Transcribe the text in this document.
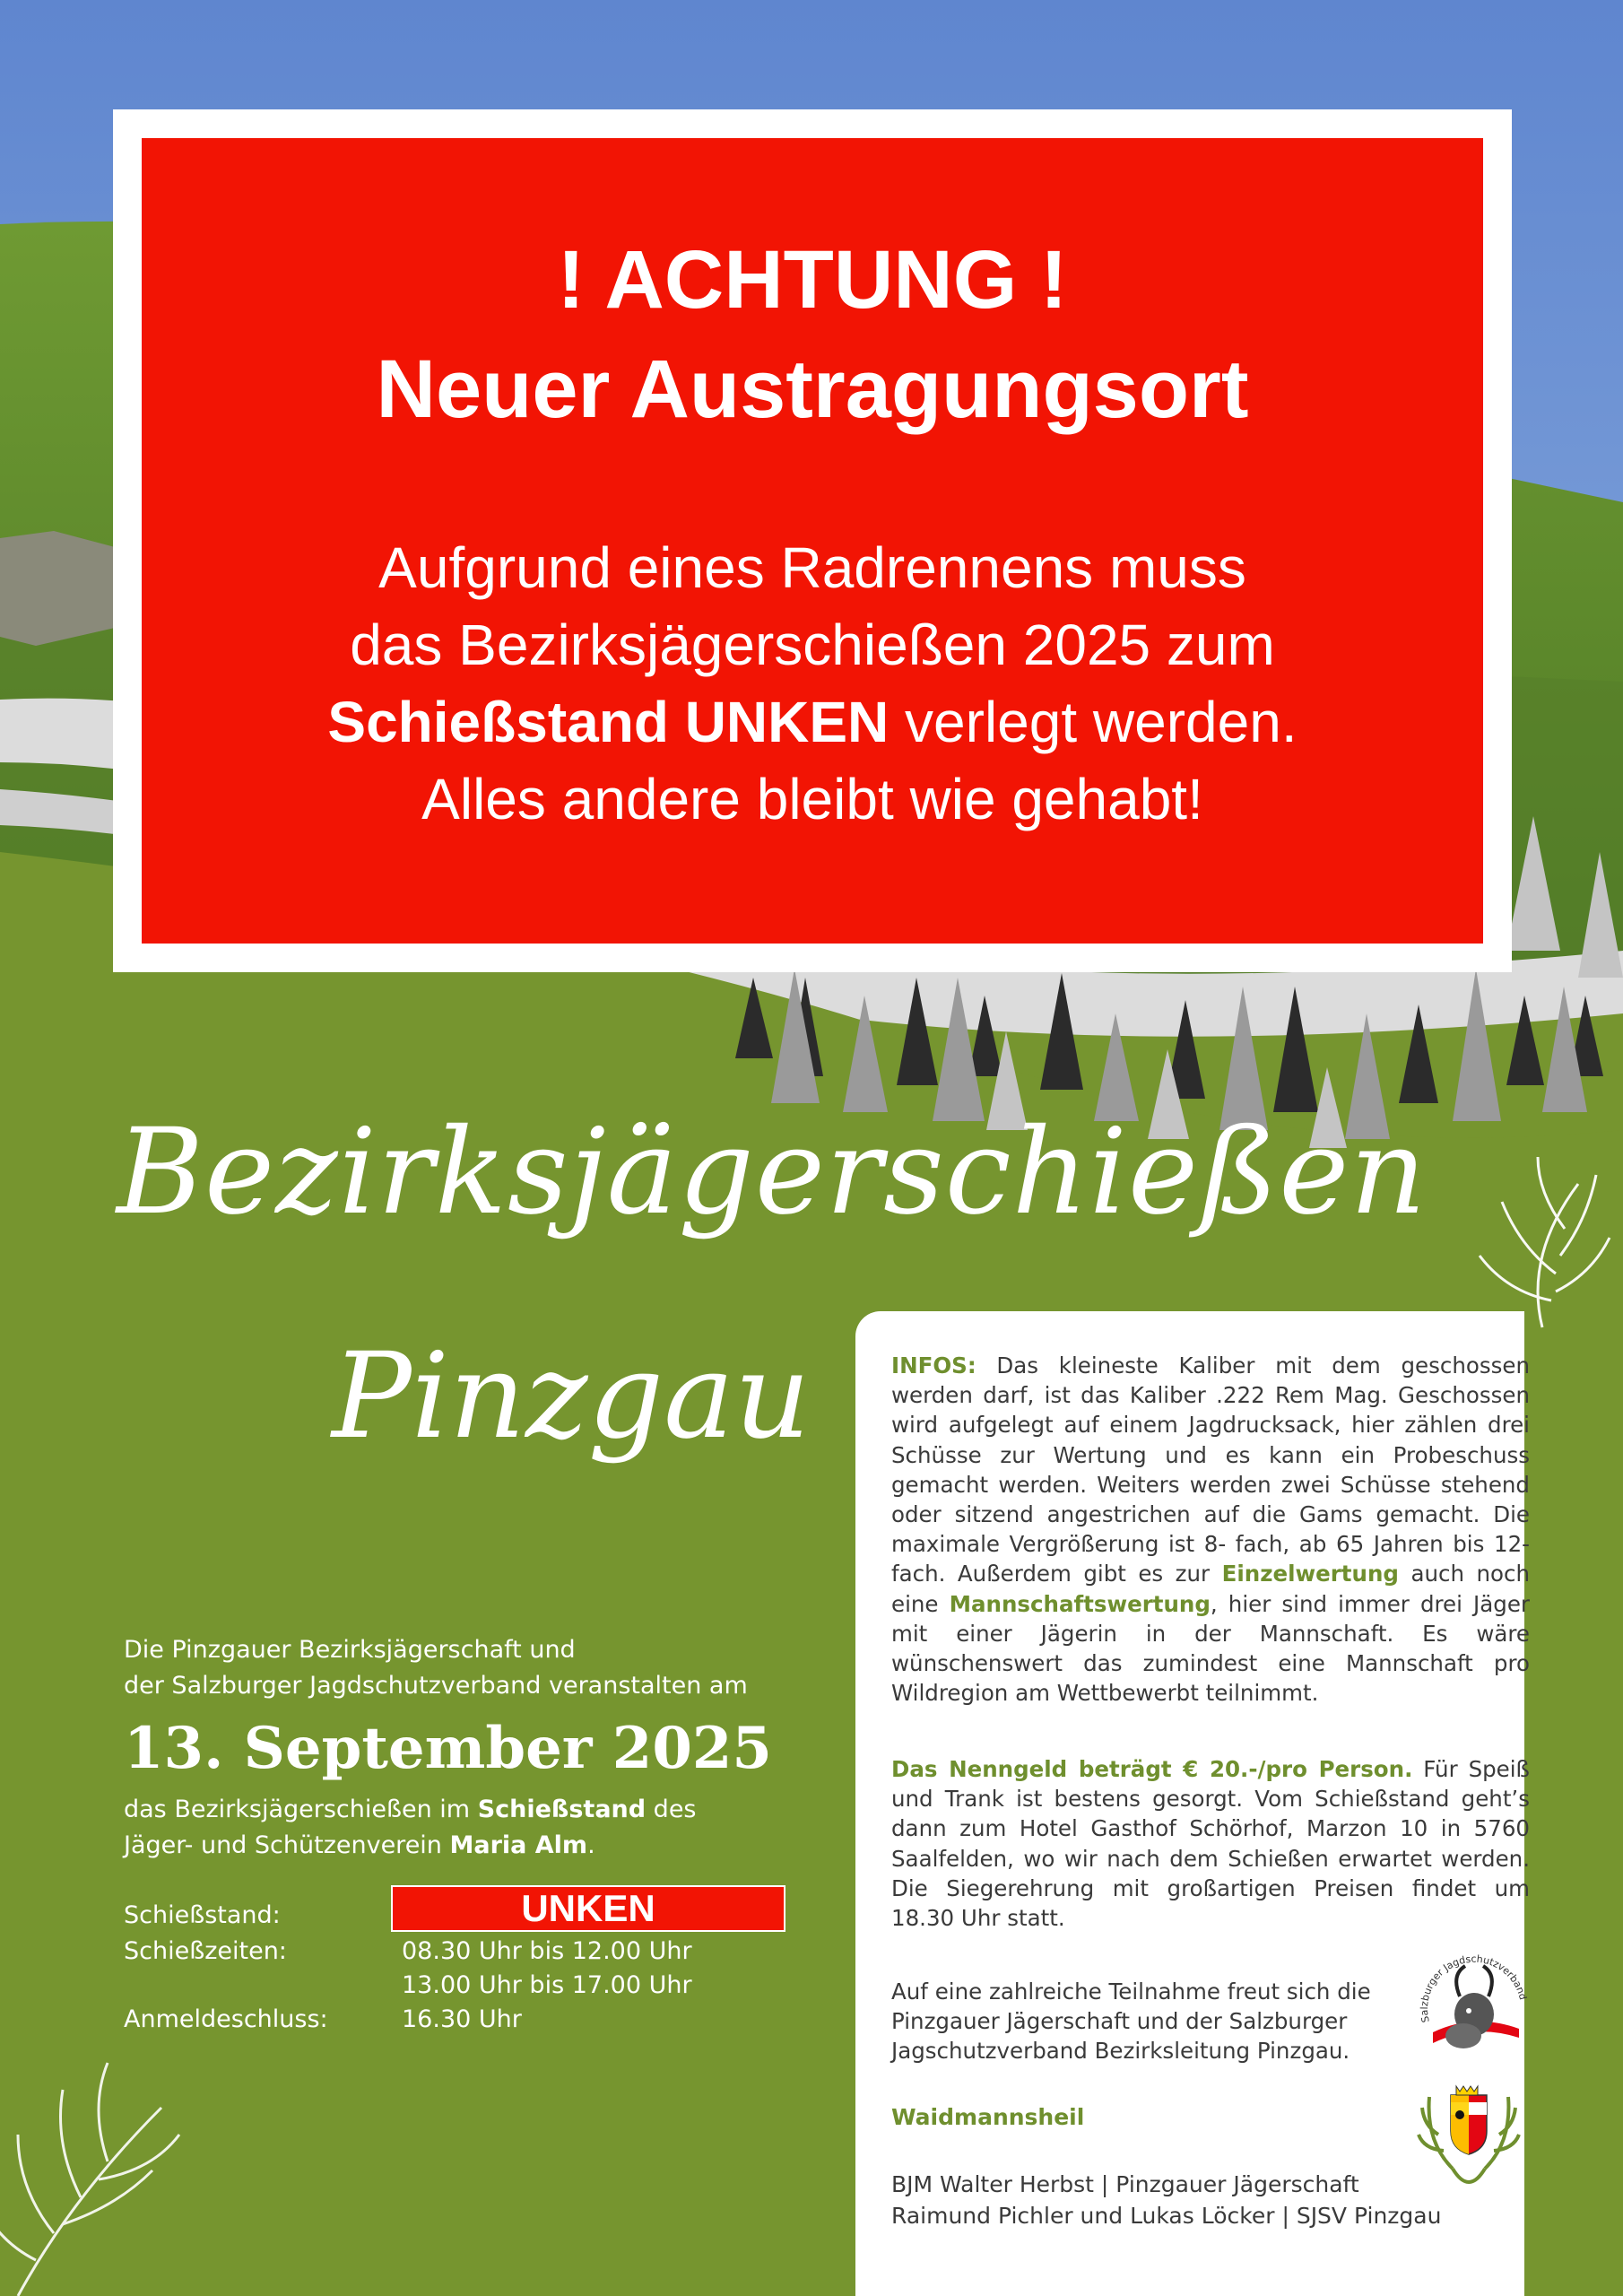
! ACHTUNG !
Neuer Austragungsort
Aufgrund eines Radrennens muss
das Bezirksjägerschießen 2025 zum
Schießstand UNKEN verlegt werden.
Alles andere bleibt wie gehabt!
Bezirksjägerschießen
Pinzgau
Die Pinzgauer Bezirksjägerschaft und
der Salzburger Jagdschutzverband veranstalten am
13. September 2025
das Bezirksjägerschießen im Schießstand des
Jäger- und Schützenverein Maria Alm.
Schießstand:	UNKEN
Schießzeiten:	08.30 Uhr bis 12.00 Uhr
13.00 Uhr bis 17.00 Uhr
Anmeldeschluss:	16.30 Uhr
INFOS: Das kleineste Kaliber mit dem geschossen werden darf, ist das Kaliber .222 Rem Mag. Geschossen wird aufgelegt auf einem Jagdrucksack, hier zählen drei Schüsse zur Wertung und es kann ein Probeschuss gemacht werden. Weiters werden zwei Schüsse stehend oder sitzend angestrichen auf die Gams gemacht. Die maximale Vergrößerung ist 8- fach, ab 65 Jahren bis 12- fach. Außerdem gibt es zur Einzelwertung auch noch eine Mannschaftswertung, hier sind immer drei Jäger mit einer Jägerin in der Mannschaft. Es wäre wünschenswert das zumindest eine Mannschaft pro Wildregion am Wettbewerbt teilnimmt.
Das Nenngeld beträgt € 20.-/pro Person. Für Speiß und Trank ist bestens gesorgt. Vom Schießstand geht’s dann zum Hotel Gasthof Schörhof, Marzon 10 in 5760 Saalfelden, wo wir nach dem Schießen erwartet werden. Die Siegerehrung mit großartigen Preisen findet um 18.30 Uhr statt.
Auf eine zahlreiche Teilnahme freut sich die Pinzgauer Jägerschaft und der Salzburger Jagschutzverband Bezirksleitung Pinzgau.
Waidmannsheil
BJM Walter Herbst | Pinzgauer Jägerschaft
Raimund Pichler und Lukas Löcker | SJSV Pinzgau
Salzburger Jagdschutzverband
